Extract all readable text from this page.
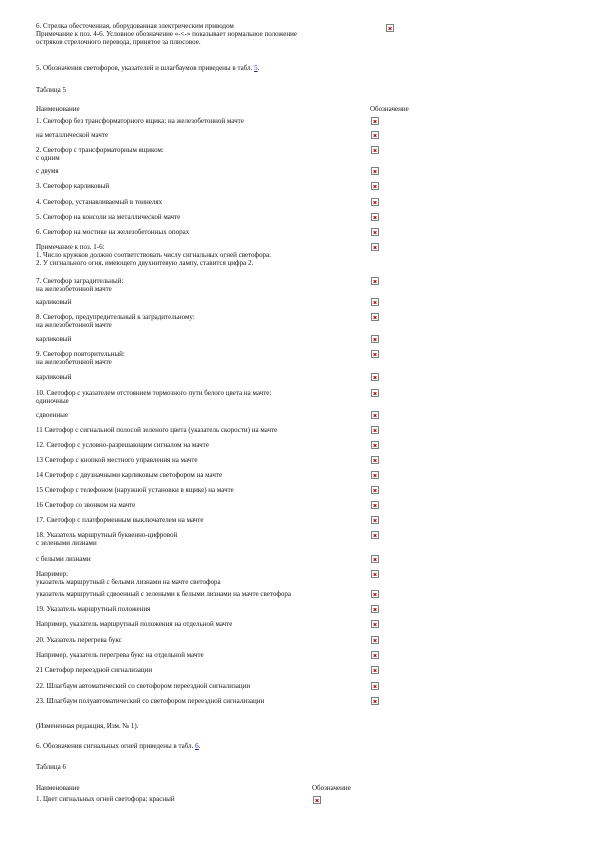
6. Стрелка обесточенная, оборудованная электрическим приводом
Примечание к поз. 4-6. Условное обозначение «-<-» показывает нормальное положение
остряков стрелочного перевода, принятое за плюсовое.
5. Обозначения светофоров, указателей и шлагбаумов приведены в табл. 5.
Таблица 5
Наименование	Обозначение
1. Светофор без трансформаторного ящика: на железобетонной мачте
на металлической мачте
2. Светофор с трансформаторным ящиком:
с одним
с двумя
3. Светофор карликовый
4. Светофор, устанавливаемый в тоннелях
5. Светофор на консоли на металлической мачте
6. Светофор на мостике на железобетонных опорах
Примечание к поз. 1-6:
1. Число кружков должно соответствовать числу сигнальных огней светофора.
2. У сигнального огня, имеющего двухнитевую лампу, ставится цифра 2.
7. Светофор заградительный:
на железобетонной мачте
карликовый
8. Светофор, предупредительный к заградительному:
на железобетонной мачте
карликовый
9. Светофор повторительный:
на железобетонной мачте
карликовый
10. Светофор с указателем отстоянием тормозного пути белого цвета на мачте:
одиночные
сдвоенные
11 Светофор с сигнальной полосой зеленого цвета (указатель скорости) на мачте
12. Светофор с условно-разрешающим сигналом на мачте
13 Светофор с кнопкой местного управления на мачте
14 Светофор с двузначными карликовым светофором на мачте
15 Светофор с телефоном (наружной установки в ящике) на мачте
16 Светофор со звонком на мачте
17. Светофор с платформенным выключателем на мачте
18. Указатель маршрутный буквенно-цифровой
с зелеными лизнами
с белыми лизнами
Например:
указатель маршрутный с белыми лизнами на мачте светофора
указатель маршрутный сдвоенный с зелеными к белыми лизнами на мачте светофора
19. Указатель маршрутный положения
Например, указатель маршрутный положения на отдельной мачте
20. Указатель перегрева букс
Например, указатель перегрева букс на отдельной мачте
21 Светофор переездной сигнализации
22. Шлагбаум автоматический со светофором переездной сигнализации
23. Шлагбаум полуавтоматический со светофором переездной сигнализации
(Измененная редакция, Изм. № 1).
6. Обозначения сигнальных огней приведены в табл. 6.
Таблица 6
Наименование	Обозначение
1. Цвет сигнальных огней светофора: красный
